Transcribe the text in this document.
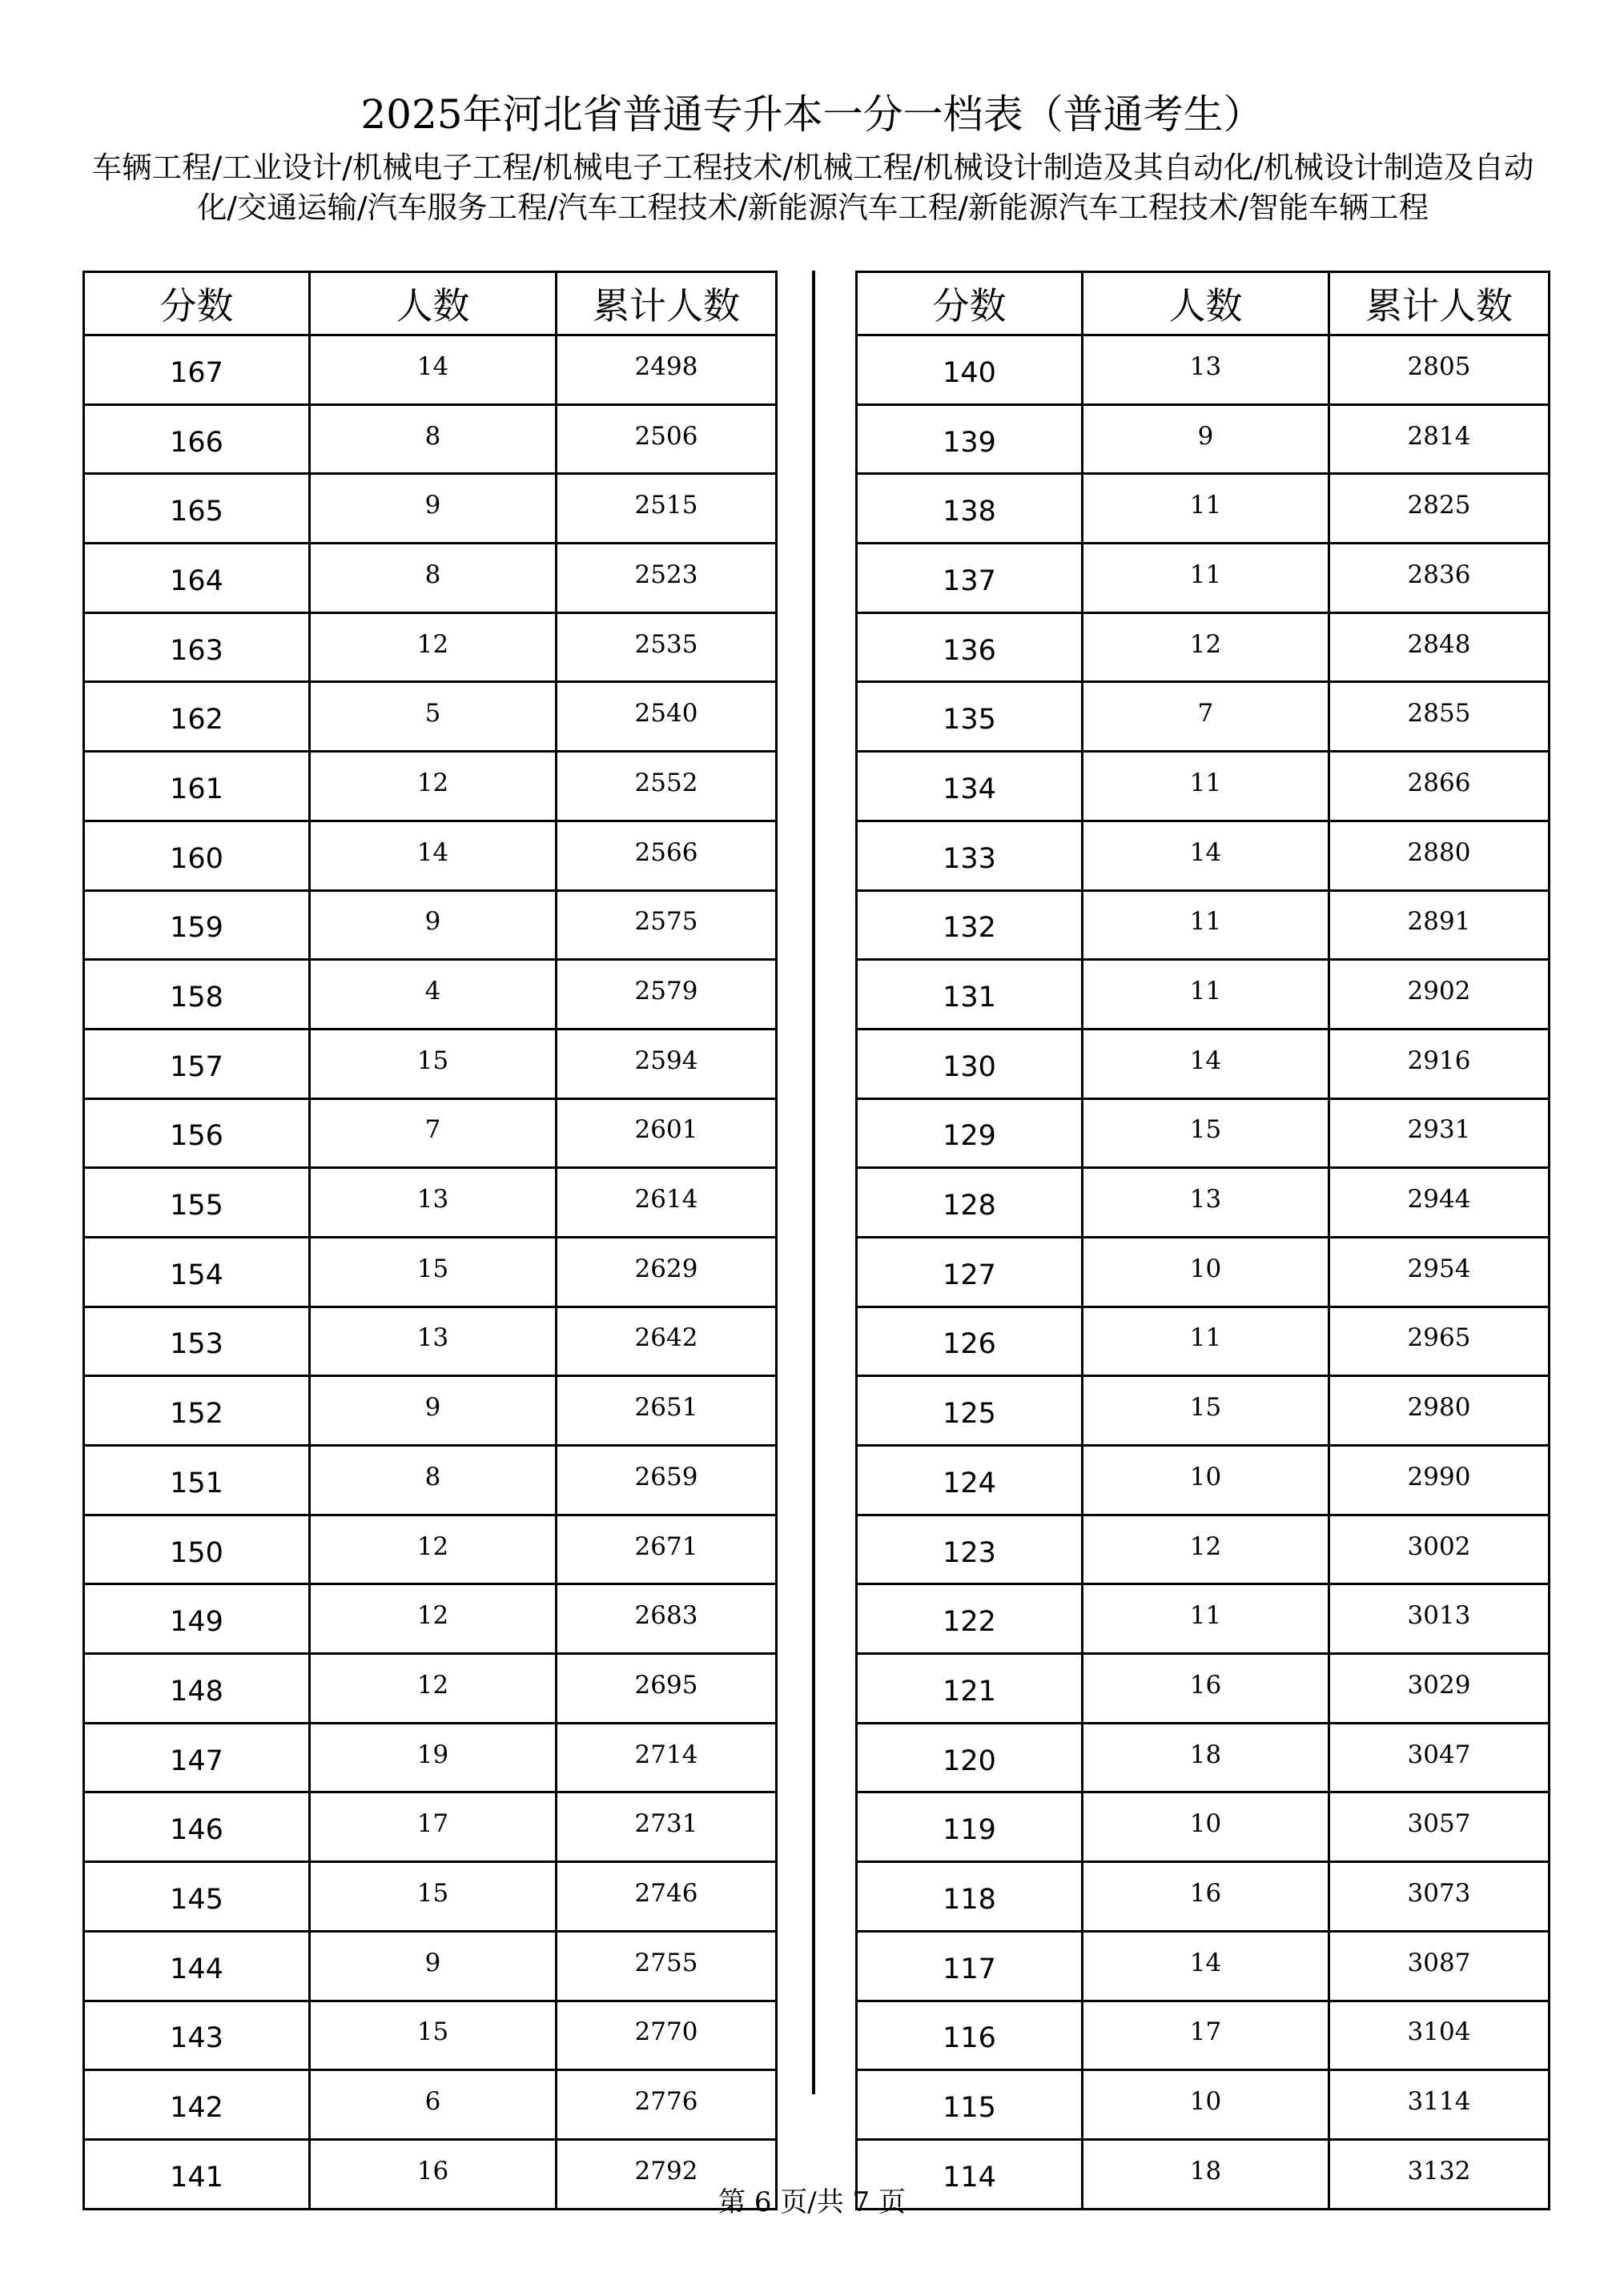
2025年河北省普通专升本一分一档表（普通考生）
车辆工程/工业设计/机械电子工程/机械电子工程技术/机械工程/机械设计制造及其自动化/机械设计制造及自动化/交通运输/汽车服务工程/汽车工程技术/新能源汽车工程/新能源汽车工程技术/智能车辆工程
分数	人数	累计人数
167	14	2498
166	8	2506
165	9	2515
164	8	2523
163	12	2535
162	5	2540
161	12	2552
160	14	2566
159	9	2575
158	4	2579
157	15	2594
156	7	2601
155	13	2614
154	15	2629
153	13	2642
152	9	2651
151	8	2659
150	12	2671
149	12	2683
148	12	2695
147	19	2714
146	17	2731
145	15	2746
144	9	2755
143	15	2770
142	6	2776
141	16	2792
分数	人数	累计人数
140	13	2805
139	9	2814
138	11	2825
137	11	2836
136	12	2848
135	7	2855
134	11	2866
133	14	2880
132	11	2891
131	11	2902
130	14	2916
129	15	2931
128	13	2944
127	10	2954
126	11	2965
125	15	2980
124	10	2990
123	12	3002
122	11	3013
121	16	3029
120	18	3047
119	10	3057
118	16	3073
117	14	3087
116	17	3104
115	10	3114
114	18	3132
第 6 页/共 7 页
